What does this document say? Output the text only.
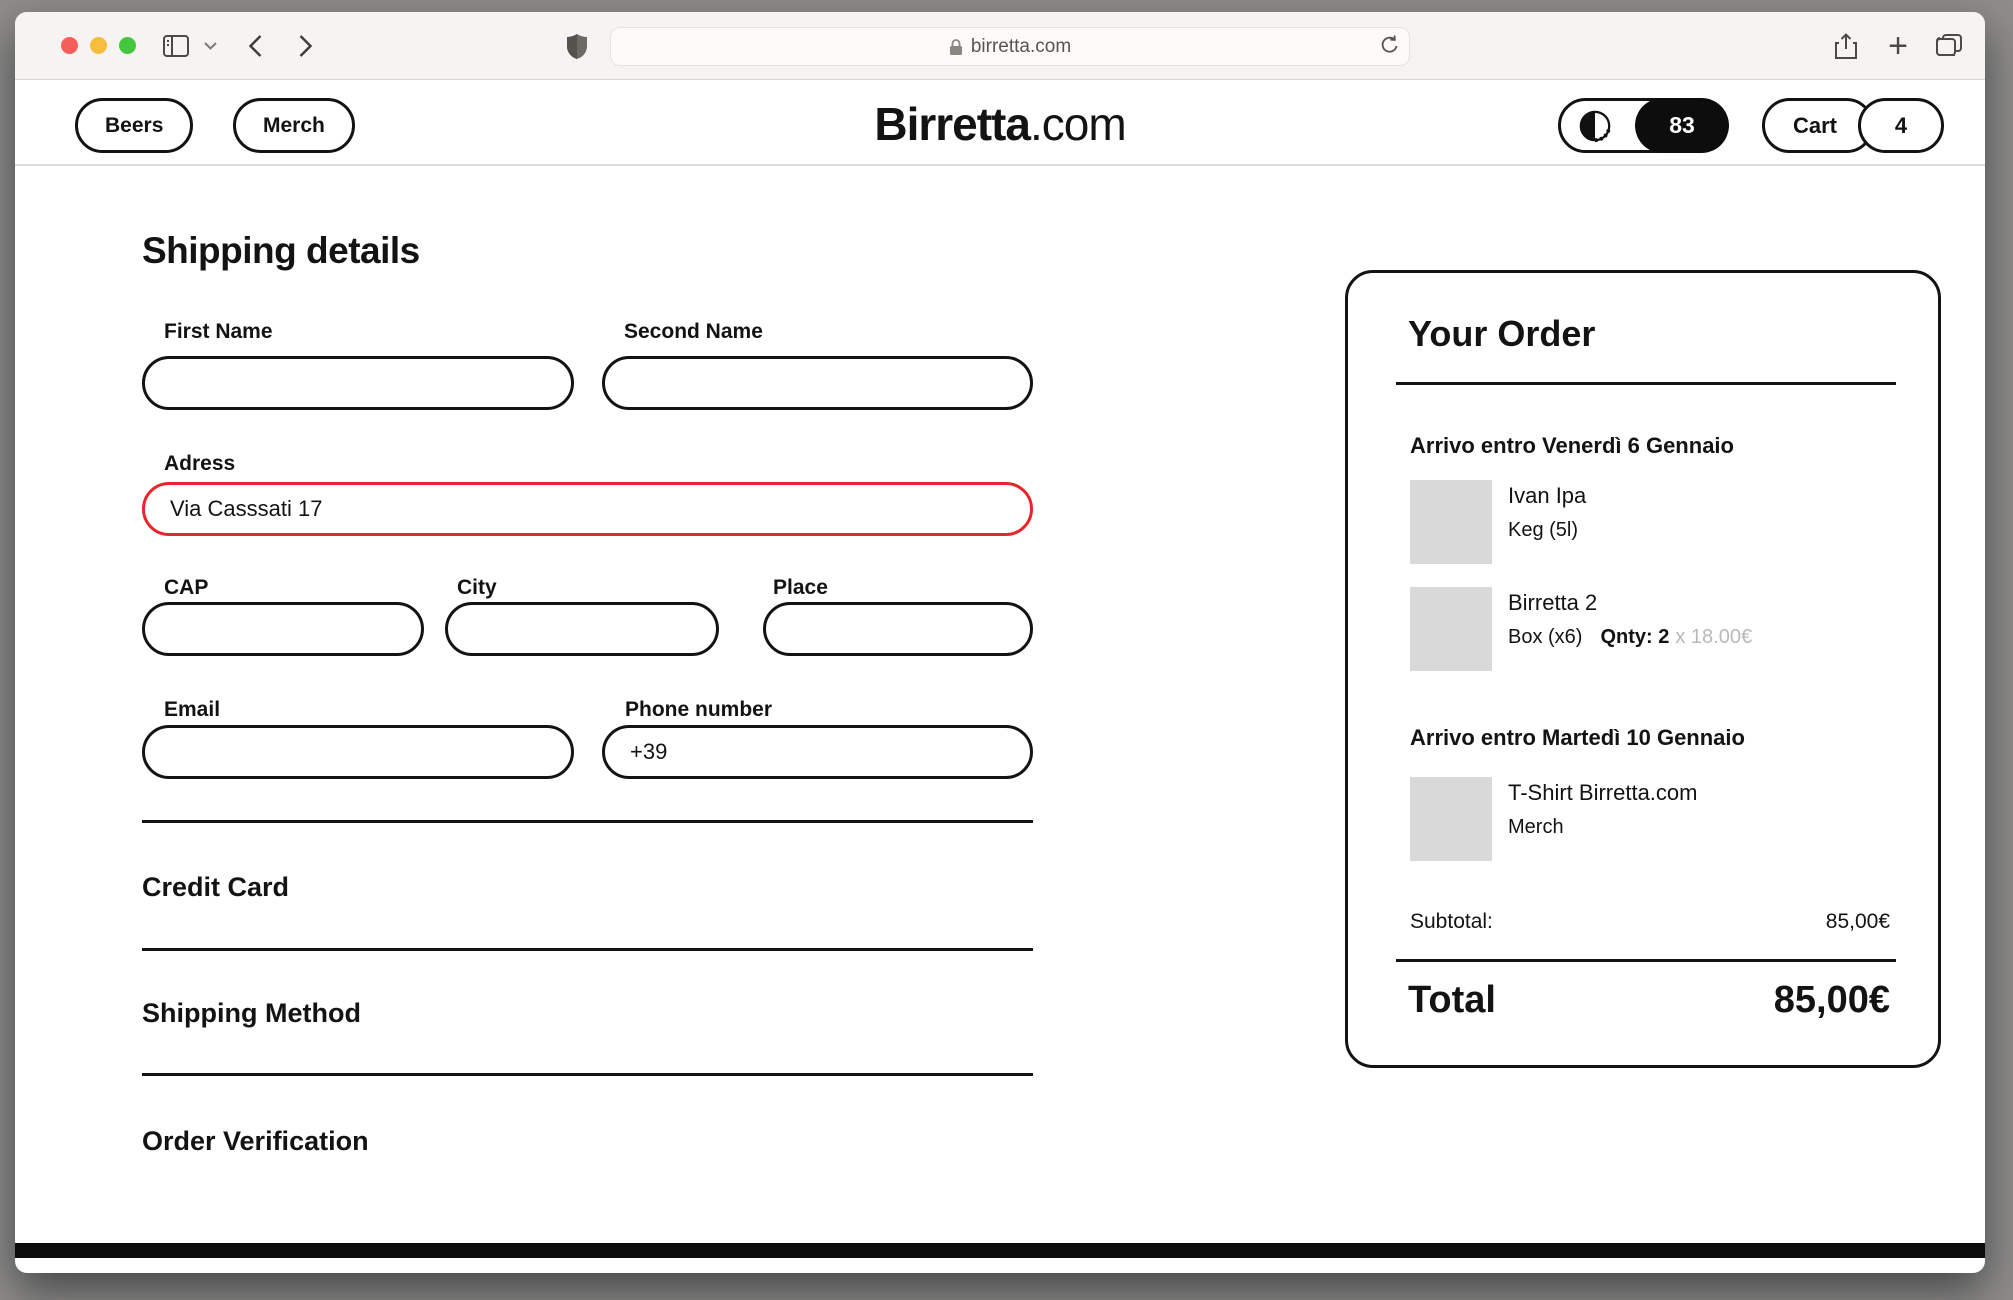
birretta.com	+
Beers	Merch	Birretta.com	83	Cart	4
Shipping details
First Name	Second Name
Adress
Via Casssati 17
CAP	City	Place
Email	Phone number
+39
Credit Card
Shipping Method
Order Verification
Your Order
Arrivo entro Venerdì 6 Gennaio
Ivan Ipa
Keg (5l)
Birretta 2
Box (x6) Qnty: 2 x 18.00€
Arrivo entro Martedì 10 Gennaio
T-Shirt Birretta.com
Merch
Subtotal:	85,00€
Total	85,00€
